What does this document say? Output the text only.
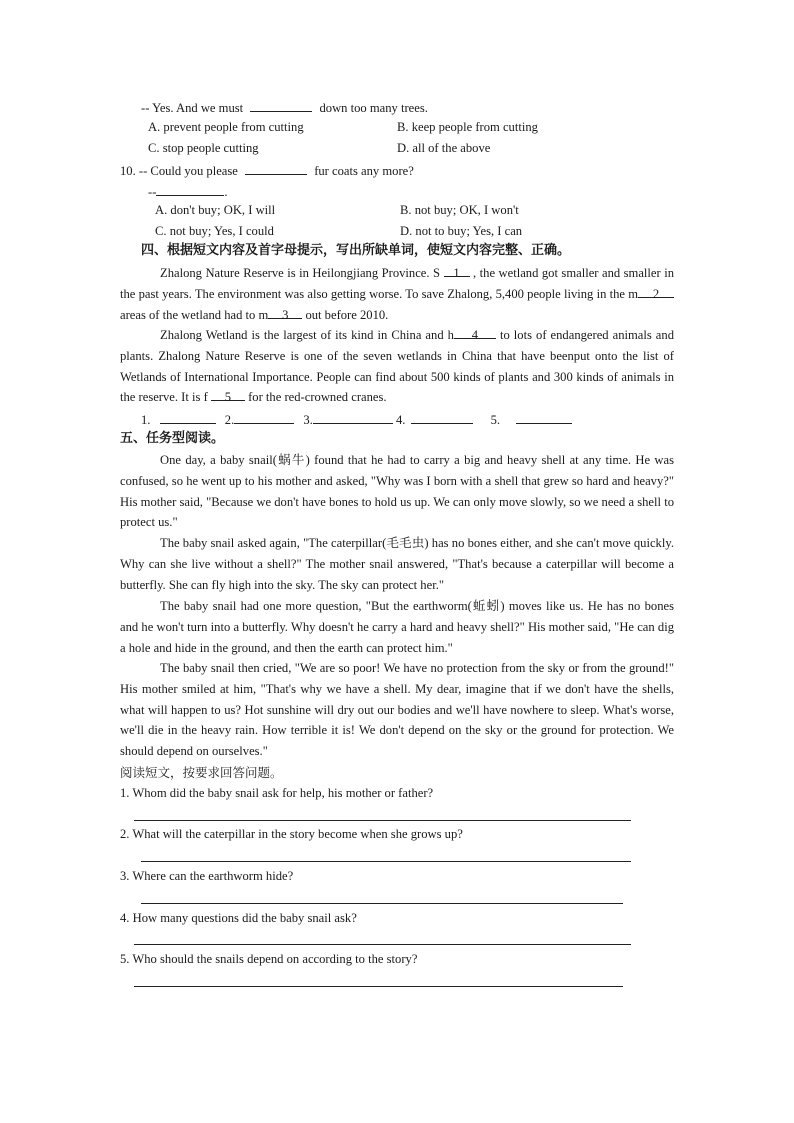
-- Yes. And we must	down too many trees.
A. prevent people from cutting	B. keep people from cutting
C. stop people cutting	D. all of the above
10. -- Could you please	fur coats any more?
--	.
A. don't buy; OK, I will	B. not buy; OK, I won't
C. not buy; Yes, I could	D. not to buy; Yes, I can
四、根据短文内容及首字母提示，写出所缺单词，使短文内容完整、正确。
Zhalong Nature Reserve is in Heilongjiang Province. S 1 , the wetland got smaller and smaller in the past years. The environment was also getting worse. To save Zhalong, 5,400 people living in the m 2 areas of the wetland had to m 3 out before 2010.
Zhalong Wetland is the largest of its kind in China and h 4 to lots of endangered animals and plants. Zhalong Nature Reserve is one of the seven wetlands in China that have beenput onto the list of Wetlands of International Importance. People can find about 500 kinds of plants and 300 kinds of animals in the reserve. It is f 5 for the red-crowned cranes.
1.	2.	3.	4.	5.
五、任务型阅读。
One day, a baby snail(蜗牛) found that he had to carry a big and heavy shell at any time. He was confused, so he went up to his mother and asked, "Why was I born with a shell that grew so hard and heavy?" His mother said, "Because we don't have bones to hold us up. We can only move slowly, so we need a shell to protect us."
The baby snail asked again, "The caterpillar(毛毛虫) has no bones either, and she can't move quickly. Why can she live without a shell?" The mother snail answered, "That's because a caterpillar will become a butterfly. She can fly high into the sky. The sky can protect her."
The baby snail had one more question, "But the earthworm(蚯蚓) moves like us. He has no bones and he won't turn into a butterfly. Why doesn't he carry a hard and heavy shell?" His mother said, "He can dig a hole and hide in the ground, and then the earth can protect him."
The baby snail then cried, "We are so poor! We have no protection from the sky or from the ground!" His mother smiled at him, "That's why we have a shell. My dear, imagine that if we don't have the shells, what will happen to us? Hot sunshine will dry out our bodies and we'll have nowhere to sleep. What's worse, we'll die in the heavy rain. How terrible it is! We don't depend on the sky or the ground for protection. We should depend on ourselves."
阅读短文，按要求回答问题。
1. Whom did the baby snail ask for help, his mother or father?
2. What will the caterpillar in the story become when she grows up?
3. Where can the earthworm hide?
4. How many questions did the baby snail ask?
5. Who should the snails depend on according to the story?
